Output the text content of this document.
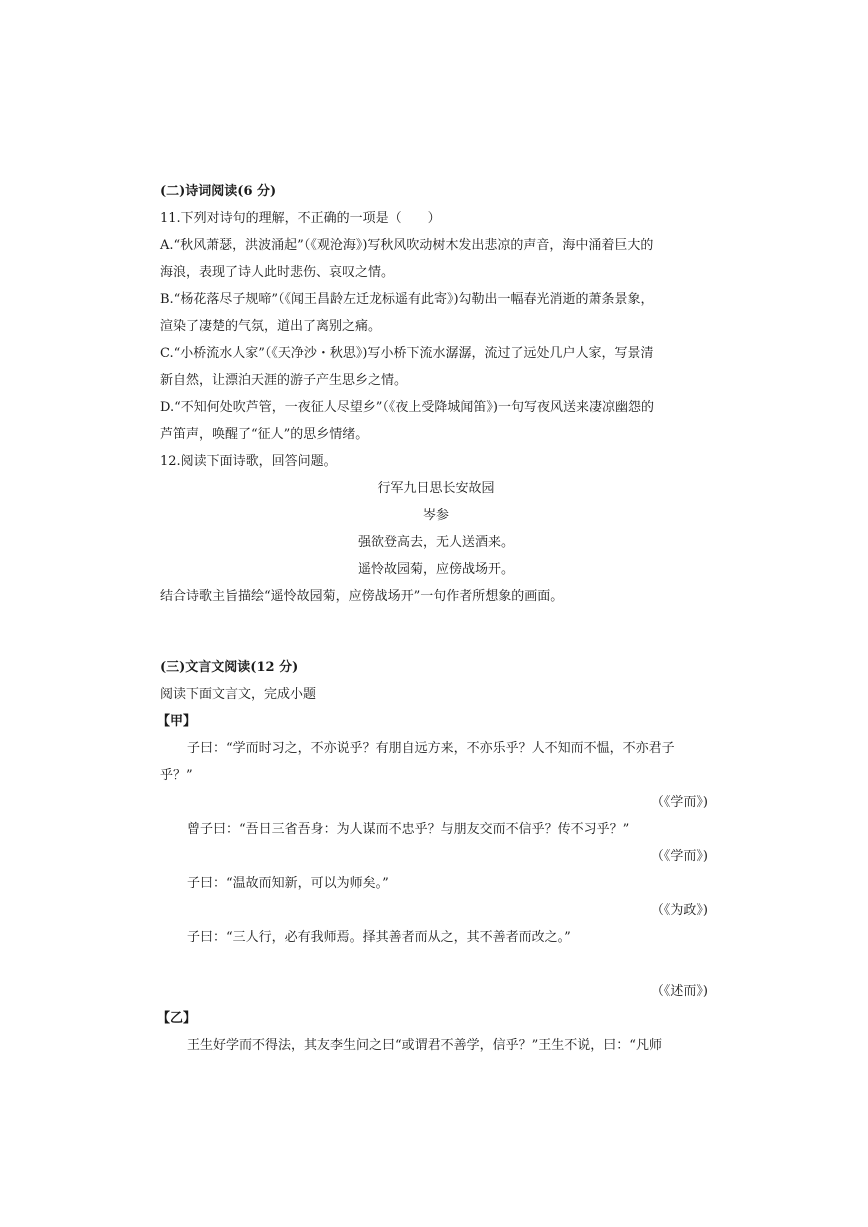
(二)诗词阅读(6 分)
11.下列对诗句的理解，不正确的一项是（　　）
A.“秋风萧瑟，洪波涌起”（《观沧海》)写秋风吹动树木发出悲凉的声音，海中涌着巨大的
海浪，表现了诗人此时悲伤、哀叹之情。
B.“杨花落尽子规啼”（《闻王昌龄左迁龙标遥有此寄》)勾勒出一幅春光消逝的萧条景象，
渲染了凄楚的气氛，道出了离别之痛。
C.“小桥流水人家”（《天净沙・秋思》)写小桥下流水潺潺，流过了远处几户人家，写景清
新自然，让漂泊天涯的游子产生思乡之情。
D.“不知何处吹芦管，一夜征人尽望乡”（《夜上受降城闻笛》)一句写夜风送来凄凉幽怨的
芦笛声，唤醒了“征人”的思乡情绪。
12.阅读下面诗歌，回答问题。
行军九日思长安故园
岑参
强欲登高去，无人送酒来。
遥怜故园菊，应傍战场开。
结合诗歌主旨描绘“遥怜故园菊，应傍战场开”一句作者所想象的画面。
(三)文言文阅读(12 分)
阅读下面文言文，完成小题
【甲】
子曰：“学而时习之，不亦说乎？有朋自远方来，不亦乐乎？人不知而不愠，不亦君子
乎？”
（《学而》)
曾子曰：“吾日三省吾身：为人谋而不忠乎？与朋友交而不信乎？传不习乎？”
（《学而》)
子曰：“温故而知新，可以为师矣。”
（《为政》)
子曰：“三人行，必有我师焉。择其善者而从之，其不善者而改之。”
（《述而》)
【乙】
王生好学而不得法，其友李生问之曰“或谓君不善学，信乎？”王生不说，曰：“凡师
